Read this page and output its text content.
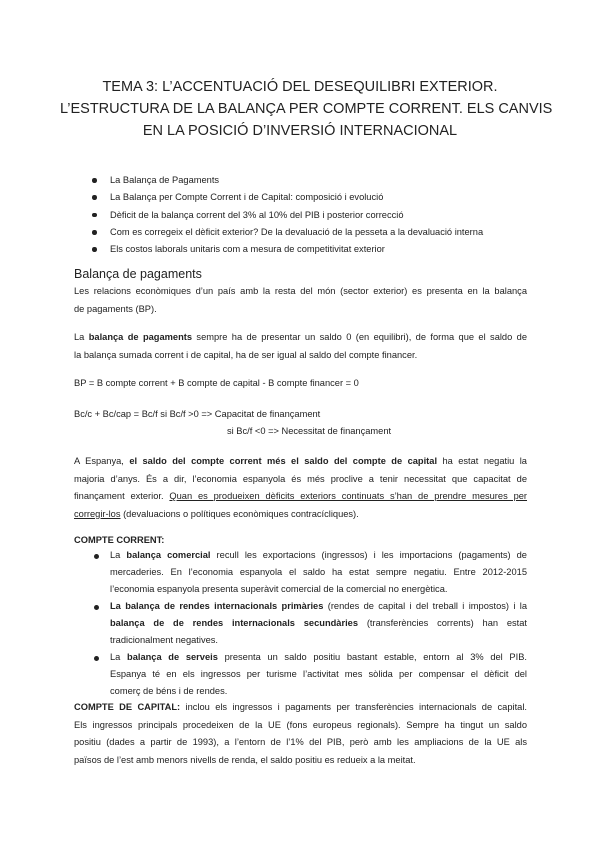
TEMA 3: L’ACCENTUACIÓ DEL DESEQUILIBRI EXTERIOR.
L’ESTRUCTURA DE LA BALANÇA PER COMPTE CORRENT. ELS CANVIS
EN LA POSICIÓ D’INVERSIÓ INTERNACIONAL
La Balança de Pagaments
La Balança per Compte Corrent i de Capital: composició i evolució
Dèficit de la balança corrent del 3% al 10% del PIB i posterior correcció
Com es corregeix el dèficit exterior? De la devaluació de la pesseta a la devaluació interna
Els costos laborals unitaris com a mesura de competitivitat exterior
Balança de pagaments
Les relacions econòmiques d’un país amb la resta del món (sector exterior) es presenta en la balança
de pagaments (BP).
La balança de pagaments sempre ha de presentar un saldo 0 (en equilibri), de forma que el saldo de
la balança sumada corrent i de capital, ha de ser igual al saldo del compte financer.
BP = B compte corrent + B compte de capital - B compte financer = 0
Bc/c + Bc/cap = Bc/f si Bc/f >0 => Capacitat de finançament
si Bc/f <0 => Necessitat de finançament
A Espanya, el saldo del compte corrent més el saldo del compte de capital ha estat negatiu la
majoria d’anys. És a dir, l’economia espanyola és més proclive a tenir necessitat que capacitat de
finançament exterior. Quan es produeixen dèficits exteriors continuats s’han de prendre mesures per
corregir-los (devaluacions o polítiques econòmiques contracícliques).
COMPTE CORRENT:
La balança comercial recull les exportacions (ingressos) i les importacions (pagaments) de
mercaderies. En l’economia espanyola el saldo ha estat sempre negatiu. Entre 2012-2015
l’economia espanyola presenta superàvit comercial de la comercial no energètica.
La balança de rendes internacionals primàries (rendes de capital i del treball i impostos) i la
balança de de rendes internacionals secundàries (transferències corrents) han estat
tradicionalment negatives.
La balança de serveis presenta un saldo positiu bastant estable, entorn al 3% del PIB.
Espanya té en els ingressos per turisme l’activitat mes sòlida per compensar el dèficit del
comerç de béns i de rendes.
COMPTE DE CAPITAL: inclou els ingressos i pagaments per transferències internacionals de capital.
Els ingressos principals procedeixen de la UE (fons europeus regionals). Sempre ha tingut un saldo
positiu (dades a partir de 1993), a l’entorn de l’1% del PIB, però amb les ampliacions de la UE als
països de l’est amb menors nivells de renda, el saldo positiu es redueix a la meitat.
